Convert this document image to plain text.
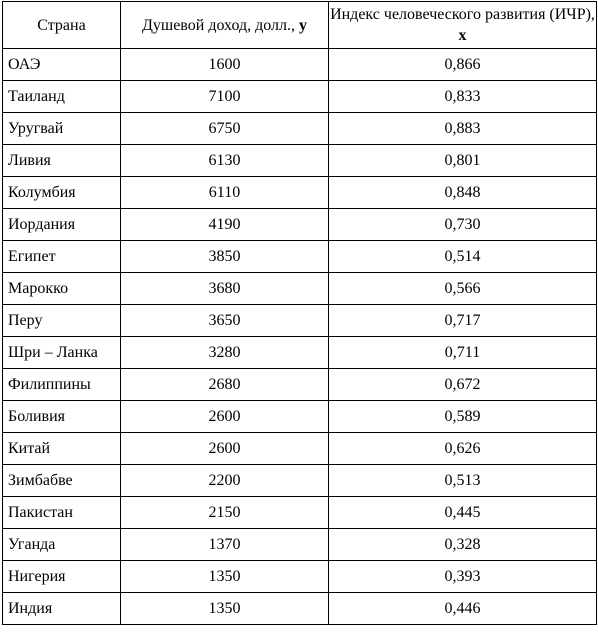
Страна	Душевой доход, долл., у	Индекс человеческого развития (ИЧР), х
ОАЭ	1600	0,866
Таиланд	7100	0,833
Уругвай	6750	0,883
Ливия	6130	0,801
Колумбия	6110	0,848
Иордания	4190	0,730
Египет	3850	0,514
Марокко	3680	0,566
Перу	3650	0,717
Шри – Ланка	3280	0,711
Филиппины	2680	0,672
Боливия	2600	0,589
Китай	2600	0,626
Зимбабве	2200	0,513
Пакистан	2150	0,445
Уганда	1370	0,328
Нигерия	1350	0,393
Индия	1350	0,446
